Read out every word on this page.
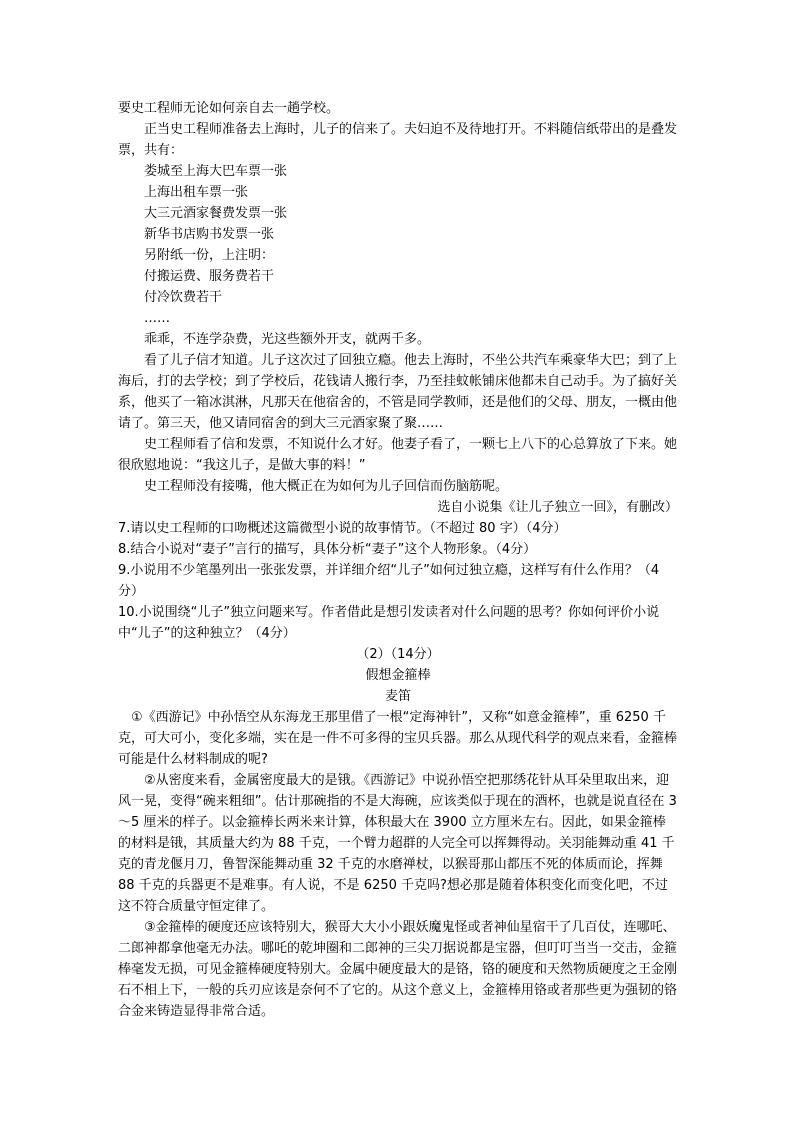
要史工程师无论如何亲自去一趟学校。

正当史工程师准备去上海时，儿子的信来了。夫妇迫不及待地打开。不料随信纸带出的是叠发票，共有：

娄城至上海大巴车票一张

上海出租车票一张

大三元酒家餐费发票一张

新华书店购书发票一张

另附纸一份，上注明：

付搬运费、服务费若干

付冷饮费若干

……

乖乖，不连学杂费，光这些额外开支，就两千多。

看了儿子信才知道。儿子这次过了回独立瘾。他去上海时，不坐公共汽车乘豪华大巴；到了上海后，打的去学校；到了学校后，花钱请人搬行李，乃至挂蚊帐铺床他都未自己动手。为了搞好关系，他买了一箱冰淇淋，凡那天在他宿舍的，不管是同学教师，还是他们的父母、朋友，一概由他请了。第三天，他又请同宿舍的到大三元酒家聚了聚……

史工程师看了信和发票，不知说什么才好。他妻子看了，一颗七上八下的心总算放了下来。她很欣慰地说：“我这儿子，是做大事的料！”

史工程师没有接嘴，他大概正在为如何为儿子回信而伤脑筋呢。

选自小说集《让儿子独立一回》，有删改）

7.请以史工程师的口吻概述这篇微型小说的故事情节。（不超过 80 字）（4分）

8.结合小说对“妻子”言行的描写，具体分析“妻子”这个人物形象。（4分）

9.小说用不少笔墨列出一张张发票，并详细介绍“儿子”如何过独立瘾，这样写有什么作用？（4分）

10.小说围绕“儿子”独立问题来写。作者借此是想引发读者对什么问题的思考？你如何评价小说中“儿子”的这种独立？（4分）

（2）（14分）

假想金箍棒

麦笛

①《西游记》中孙悟空从东海龙王那里借了一根“定海神针”，又称“如意金箍棒”，重 6250 千克，可大可小，变化多端，实在是一件不可多得的宝贝兵器。那么从现代科学的观点来看，金箍棒可能是什么材料制成的呢?

②从密度来看，金属密度最大的是锇。《西游记》中说孙悟空把那绣花针从耳朵里取出来，迎风一晃，变得“碗来粗细”。估计那碗指的不是大海碗，应该类似于现在的酒杯，也就是说直径在 3～5 厘米的样子。以金箍棒长两米来计算，体积最大在 3900 立方厘米左右。因此，如果金箍棒的材料是锇，其质量大约为 88 千克，一个臂力超群的人完全可以挥舞得动。关羽能舞动重 41 千克的青龙偃月刀，鲁智深能舞动重 32 千克的水磨禅杖，以猴哥那山都压不死的体质而论，挥舞 88 千克的兵器更不是难事。有人说，不是 6250 千克吗?想必那是随着体积变化而变化吧，不过这不符合质量守恒定律了。

③金箍棒的硬度还应该特别大，猴哥大大小小跟妖魔鬼怪或者神仙星宿干了几百仗，连哪吒、二郎神都拿他毫无办法。哪吒的乾坤圈和二郎神的三尖刀据说都是宝器，但叮叮当当一交击，金箍棒毫发无损，可见金箍棒硬度特别大。金属中硬度最大的是铬，铬的硬度和天然物质硬度之王金刚石不相上下，一般的兵刃应该是奈何不了它的。从这个意义上，金箍棒用铬或者那些更为强韧的铬合金来铸造显得非常合适。
